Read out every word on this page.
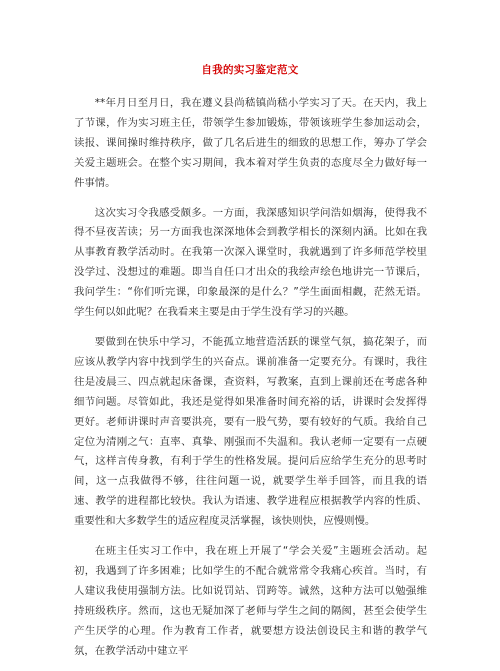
自我的实习鉴定范文

**年月日至月日，我在遵义县尚嵇镇尚嵇小学实习了天。在天内，我上了节课，作为实习班主任，带领学生参加锻炼，带领该班学生参加运动会，读报、课间操时维持秩序，做了几名后进生的细致的思想工作，筹办了学会关爱主题班会。在整个实习期间，我本着对学生负责的态度尽全力做好每一件事情。

这次实习令我感受颇多。一方面，我深感知识学问浩如烟海，使得我不得不昼夜苦读；另一方面我也深深地体会到教学相长的深刻内涵。比如在我从事教育教学活动时。在我第一次深入课堂时，我就遇到了许多师范学校里没学过、没想过的难题。即当自任口才出众的我绘声绘色地讲完一节课后，我问学生：“你们听完课，印象最深的是什么？”学生面面相觑，茫然无语。学生何以如此呢？在我看来主要是由于学生没有学习的兴趣。

要做到在快乐中学习，不能孤立地营造活跃的课堂气氛，搞花架子，而应该从教学内容中找到学生的兴奋点。课前准备一定要充分。有课时，我往往是凌晨三、四点就起床备课，查资料，写教案，直到上课前还在考虑各种细节问题。尽管如此，我还是觉得如果准备时间充裕的话，讲课时会发挥得更好。老师讲课时声音要洪亮，要有一股气势，要有较好的气质。我给自己定位为清刚之气：直率、真挚、刚强而不失温和。我认老师一定要有一点硬气，这样言传身教，有利于学生的性格发展。提问后应给学生充分的思考时间，这一点我做得不够，往往问题一说，就要学生举手回答，而且我的语速、教学的进程都比较快。我认为语速、教学进程应根据教学内容的性质、重要性和大多数学生的适应程度灵活掌握，该快则快，应慢则慢。

在班主任实习工作中，我在班上开展了“学会关爱”主题班会活动。起初，我遇到了许多困难；比如学生的不配合就常常令我痛心疾首。当时，有人建议我使用强制方法。比如说罚站、罚跨等。诚然，这种方法可以勉强维持班级秩序。然而，这也无疑加深了老师与学生之间的隔阂，甚至会使学生产生厌学的心理。作为教育工作者，就要想方设法创设民主和谐的教学气氛，在教学活动中建立平
